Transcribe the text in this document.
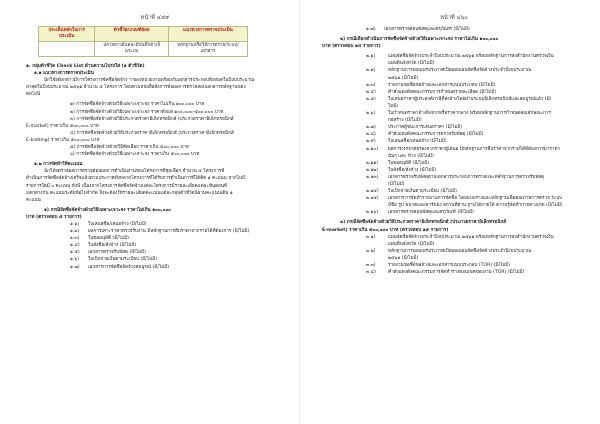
หน้าที่ ๔๕๙
ประเด็นหลักในการประเมิน	ตัวชี้วัด/เกณฑ์ย่อย	แนวทางการตรวจประเมิน
	ปลายทางมีแต่ละมีบันทึกตัวเลิ่นระบบ	หลักฐานหรือวิธีการตรวจ/ระบบ/เอกสาร
๑. กลุ่มตัวชี้วัด Check List ด้านความโปร่งใส (๑ ตัวชี้วัด)
๑.๑ แนวทางการตรวจประเมิน
นักวิจัยดังกล่าวมีการโครงการจัดซื้อจัดจ้าง ฯ ของหน่วยงานพร้อมกับเอกสารประกอบทั้งหมดในปีงบประมาณ
ล่าสุดในปีงบประมาณ ๒๕๖๑ จำนวน ๕ โครงการ โดยตามหนังสือสั่งการข้อผลการตรวจสอบเอกสารหลักฐานของ
ต่อไปนี้
๑) การจัดซื้อจัดจ้างด้วยวิธีเฉพาะเจาะจง ราคาไม่เกิน ๑๐๐,๐๐๐ บาท
๒) การจัดซื้อจัดจ้างด้วยวิธีเฉพาะเจาะจง ราคาตั้งแต่ ๑๐๐,๐๐๐-๕๐๐,๐๐๐ บาท
๓) การจัดซื้อจัดจ้างด้วยวิธีประกวดราคาอิเล็กทรอนิกส์ (ประกวดราคาอิเล็กทรอนิกส์
E-market) ราคาเกิน ๕๐๐,๐๐๐ บาท
๔) การจัดซื้อจัดจ้างด้วยวิธีประกวดราคาอิเล็กทรอนิกส์ (ประกวดราคาอิเล็กทรอนิกส์
E-bidding) ราคาเกิน ๕๐๐,๐๐๐ บาท
๕) การจัดซื้อจัดจ้างด้วยวิธีคัดเลือก ราคาเกิน ๕๐๐,๐๐๐ บาท
๖) การจัดซื้อจัดจ้างด้วยวิธีเฉพาะเจาะจง ราคาเกิน ๕๐๐,๐๐๐ บาท
๑.๒ การจัดทำให้คะแนน
นักวิจัยตรวจผลการตรวจสอบผลการดำเนินงานของโครงการที่ชุมเลือก จำนวน ๕ โครงการที่
ดำเนินการจัดซื้อจัดจ้างเสร็จแล้วตามประกาศทั้งหลายโครงการที่ได้รับการดำเนินการที่ได้คิด ๑ คะแนน หากไม่มี
รายการใดมี ๐ คะแนน ทั้งนี้ เนื่องจากโครงการจัดซื้อจัดจ้างแต่ละโครงการมีรายละเอียดแต่ละขั้นตอนที่
แตกต่างกัน คะแนนระดับข้อไม่จำกัด จึงจะต้องให้รายละเอียดคะแนนแต่ละกลุ่มตัวชี้วัดนี้ผ่านคะแนนเต็ม ๑
คะแนน
๑) กรณีจัดซื้อจัดจ้างด้วยวิธีเฉพาะเจาะจง ราคาไม่เกิน ๑๐๐,๐๐๐
บาท (ตรวจสอบ ๕ รายการ)
๑.๑) ใบเสนอซื้อ/เสนอจ้าง (มี/ไม่มี)
๑.๒) ผลการเคาะราคาตรวจรับงาน มีหลักฐานการสืบราคาจากรายได้ที่ต้องการ (มี/ไม่มี)
๑.๓) ใบขออนุมัติ (มี/ไม่มี)
๑.๔) ใบสั่งซื้อ/สั่งจ้าง (มี/ไม่มี)
๑.๕) เอกสารตรวจรับพัสดุ (มี/ไม่มี)
๑.๖) ใบเบิกจ่ายเงินตามระเบียบ (มี/ไม่มี)
๑.๗) เอกสารการจัดซื้อจัดจ้างสมบูรณ์ (มี/ไม่มี)
หน้าที่ ๔๖๐
๑.๗) เอกสารตรวจสอบพัสดุและครุภัณฑ์ (มี/ไม่มี)
๒) กรณีเลือกดำเนินการจัดซื้อจัดจ้างด้วยวิธีเฉพาะเจาะจง ราคาไม่เกิน ๑๐๐,๐๐๐
บาท (ตรวจสอบ ๑๔ รายการ)
๒.๑)	แผนจัดซื้อจัดจ้างประจำปีงบประมาณ ๒๕๖๑ พร้อมหลักฐานการส่งสำนักงานตรวจเงิน
แผ่นดินจังหวัด (มี/ไม่มี)
๒.๒)	หลักฐานการเผยแพร่ประกาศเปิดเผยแผนจัดซื้อจัดจ้างประจำปีงบประมาณ
๒๕๖๑ (มี/ไม่มี)
๒.๓)	รายงานขอซื้อขอจ้างและเอกสารแนบประกอบ (มี/ไม่มี)
๒.๔)	คำสั่งแต่งตั้งคณะกรรมการกำหนดรายละเอียด (มี/ไม่มี)
๒.๕)	ใบเสนอราคาผู้ประสงค์ภาษีที่ส่งจ้างโดยผ่านระบบอิเล็กทรอนิกส์และสมบูรณ์แล้ว (มี/
ไม่มี)
๒.๖)	ใบกำหนดราคาอ้างอิงจากหรือราคากลาง พร้อมหลักฐานการกำหนดคุณลักษณะการ
ก่อสร้าง (มี/ไม่มี)
๒.๗)	ประกาศผู้ชนะการเสนอราคา (มี/ไม่มี)
๒.๘)	คำสั่งแต่งตั้งคณะกรรมการตรวจรับพัสดุ (มี/ไม่มี)
๒.๙)	ใบเสนอซื้อ/เสนอจ้าง (มี/ไม่มี)
๒.๑๐) ผลการเจรจาต่อรองจากราคาผู้เสนอ มีหลักฐานการสืบราคาจากรายได้ที่ต้องการมาราคา
นั้นๆ และ ห้าง (มี/ไม่มี)
๒.๑๑) ใบขออนุมัติ (มี/ไม่มี)
๒.๑๒) ใบสั่งซื้อ/สั่งจ้าง (มี/ไม่มี)
๒.๑๓) เอกสารตรวจรับพัสดุตามเอกสารประกอบการตรวจและหลักฐานการตรวจรับพัสดุ
(มี/ไม่มี)
๒.๑๔) ใบเบิกจ่ายเงินตามระเบียบ (มี/ไม่มี)
๒.๑๕) เอกสารการจัดทำรายงานการจัดซื้อ โดยแบบร่างและหลักฐานเพื่อคุณภาพการตรวจ ระบบ
มีชื่อ รูป ขนาดและคาร์ของ สถานที่ด้าน ฐานได้ภายใต้ ความรู้จัดทำถ่ายทางเภท (มี/ไม่มี)
๒.๑๖) เอกสารตรวจสอบพัสดุและครุภัณฑ์ (มี/ไม่มี)
๓) กรณีจัดซื้อจัดจ้างด้วยวิธีประกวดราคาอิเล็กทรอนิกส์ (ประกวดราคาอิเล็กทรอนิกส์
E-market) ราคาเกิน ๕๐๐,๐๐๐ บาท (ตรวจสอบ ๑๙ รายการ)
๓.๑)	แผนจัดซื้อจัดจ้างประจำปีงบประมาณ ๒๕๖๑ พร้อมหลักฐานการส่งสำนักงานตรวจเงิน
แผ่นดินจังหวัด (มี/ไม่มี)
๓.๒)	หลักฐานการเผยแพร่ประกาศเปิดเผยแผนจัดซื้อจัดจ้างประจำปีงบประมาณ
๒๕๖๑ (มี/ไม่มี)
๓.๓)	รายงานขอซื้อขอจ้างและเอกสารแนบประกอบ (TOR) (มี/ไม่มี)
๓.๔)	คำสั่งแต่งตั้งคณะกรรมการจัดทำร่างขอบเขตของงาน (TOR) (มี/ไม่มี)
